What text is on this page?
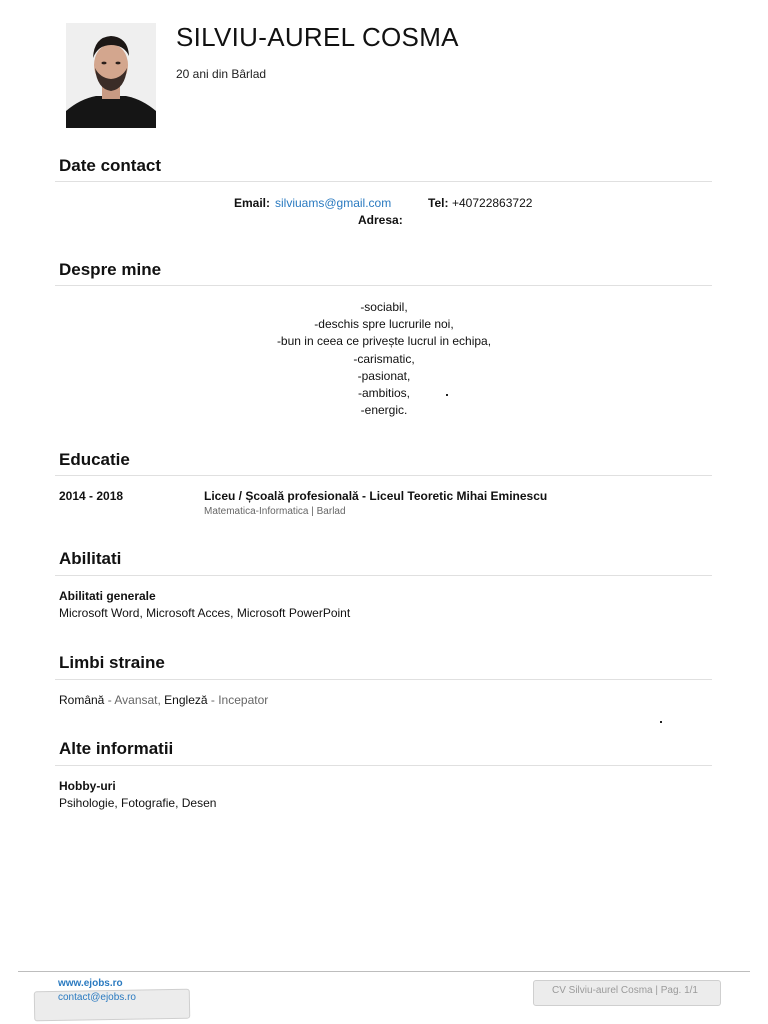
SILVIU-AUREL COSMA
20 ani din Bârlad
Date contact
Email: silviuams@gmail.com	Tel: +40722863722
Adresa:
Despre mine
-sociabil,
-deschis spre lucrurile noi,
-bun in ceea ce privește lucrul in echipa,
-carismatic,
-pasionat,
-ambitios,
-energic.
Educatie
2014 - 2018	Liceu / Școală profesională - Liceul Teoretic Mihai Eminescu
Matematica-Informatica | Barlad
Abilitati
Abilitati generale
Microsoft Word, Microsoft Acces, Microsoft PowerPoint
Limbi straine
Română - Avansat, Engleză - Incepator
Alte informatii
Hobby-uri
Psihologie, Fotografie, Desen
www.ejobs.ro
contact@ejobs.ro
CV Silviu-aurel Cosma | Pag. 1/1
